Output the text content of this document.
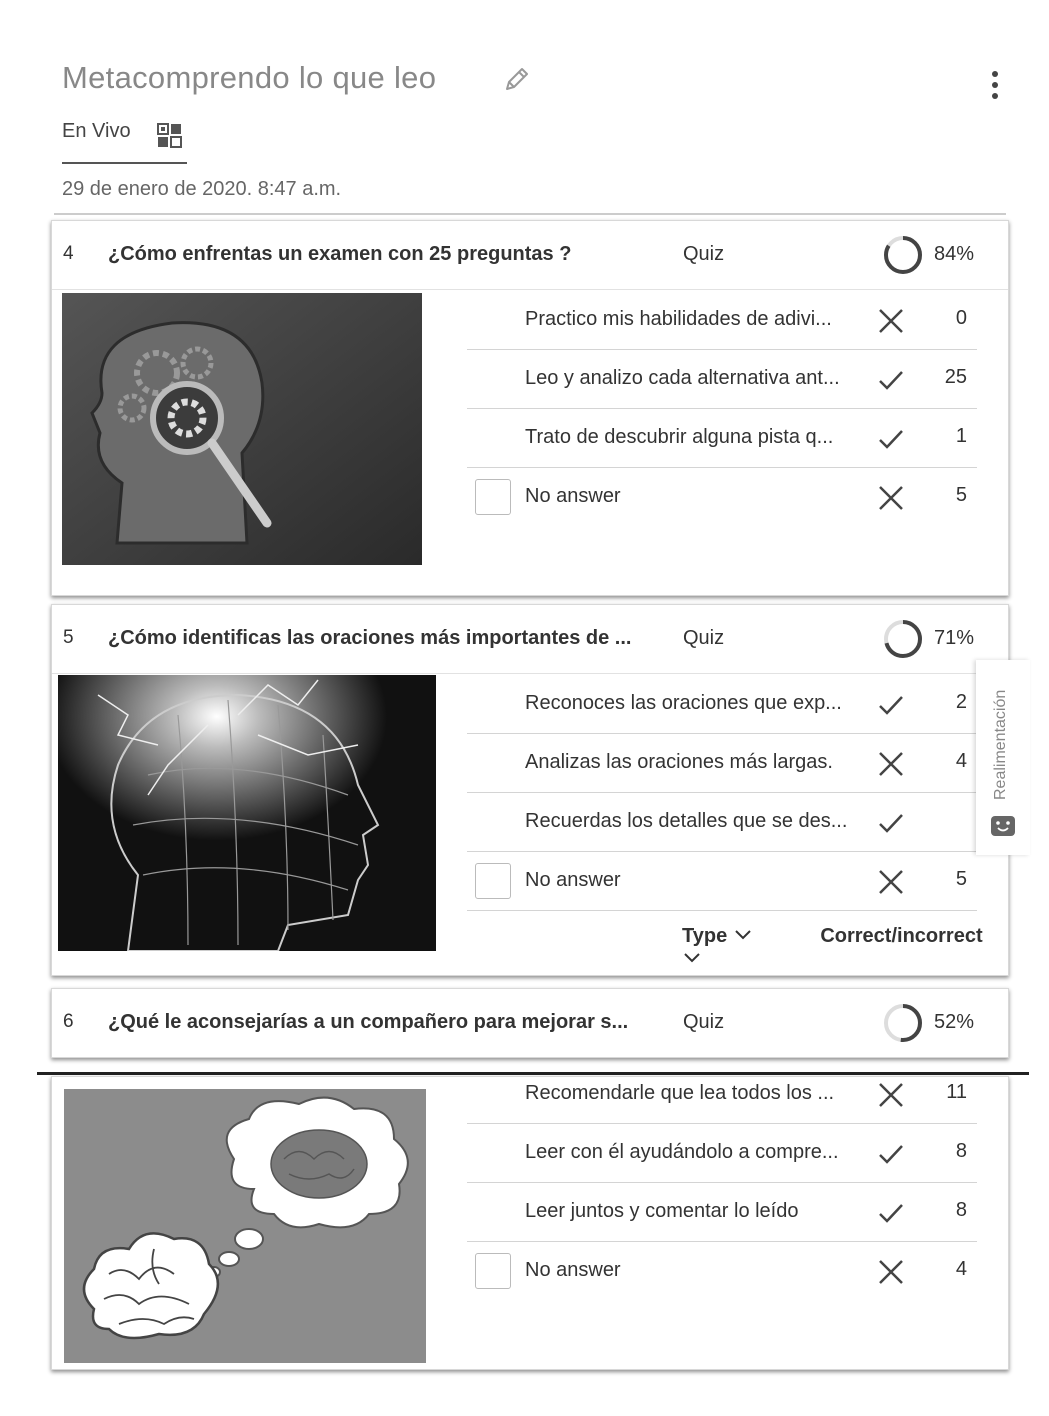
Metacomprendo lo que leo
En Vivo
29 de enero de 2020. 8:47 a.m.
4 ¿Cómo enfrentas un examen con 25 preguntas ?	Quiz	84%
Practico mis habilidades de adivi...	0
Leo y analizo cada alternativa ant...	25
Trato de descubrir alguna pista q...	1
No answer	5
5 ¿Cómo identificas las oraciones más importantes de ...	Quiz	71%
Reconoces las oraciones que exp...	2
Analizas las oraciones más largas.	4
Recuerdas los detalles que se des...
No answer	5
Type	Correct/incorrect
Realimentación
6 ¿Qué le aconsejarías a un compañero para mejorar s...	Quiz	52%
Recomendarle que lea todos los ...	11
Leer con él ayudándolo a compre...	8
Leer juntos y comentar lo leído	8
No answer	4
